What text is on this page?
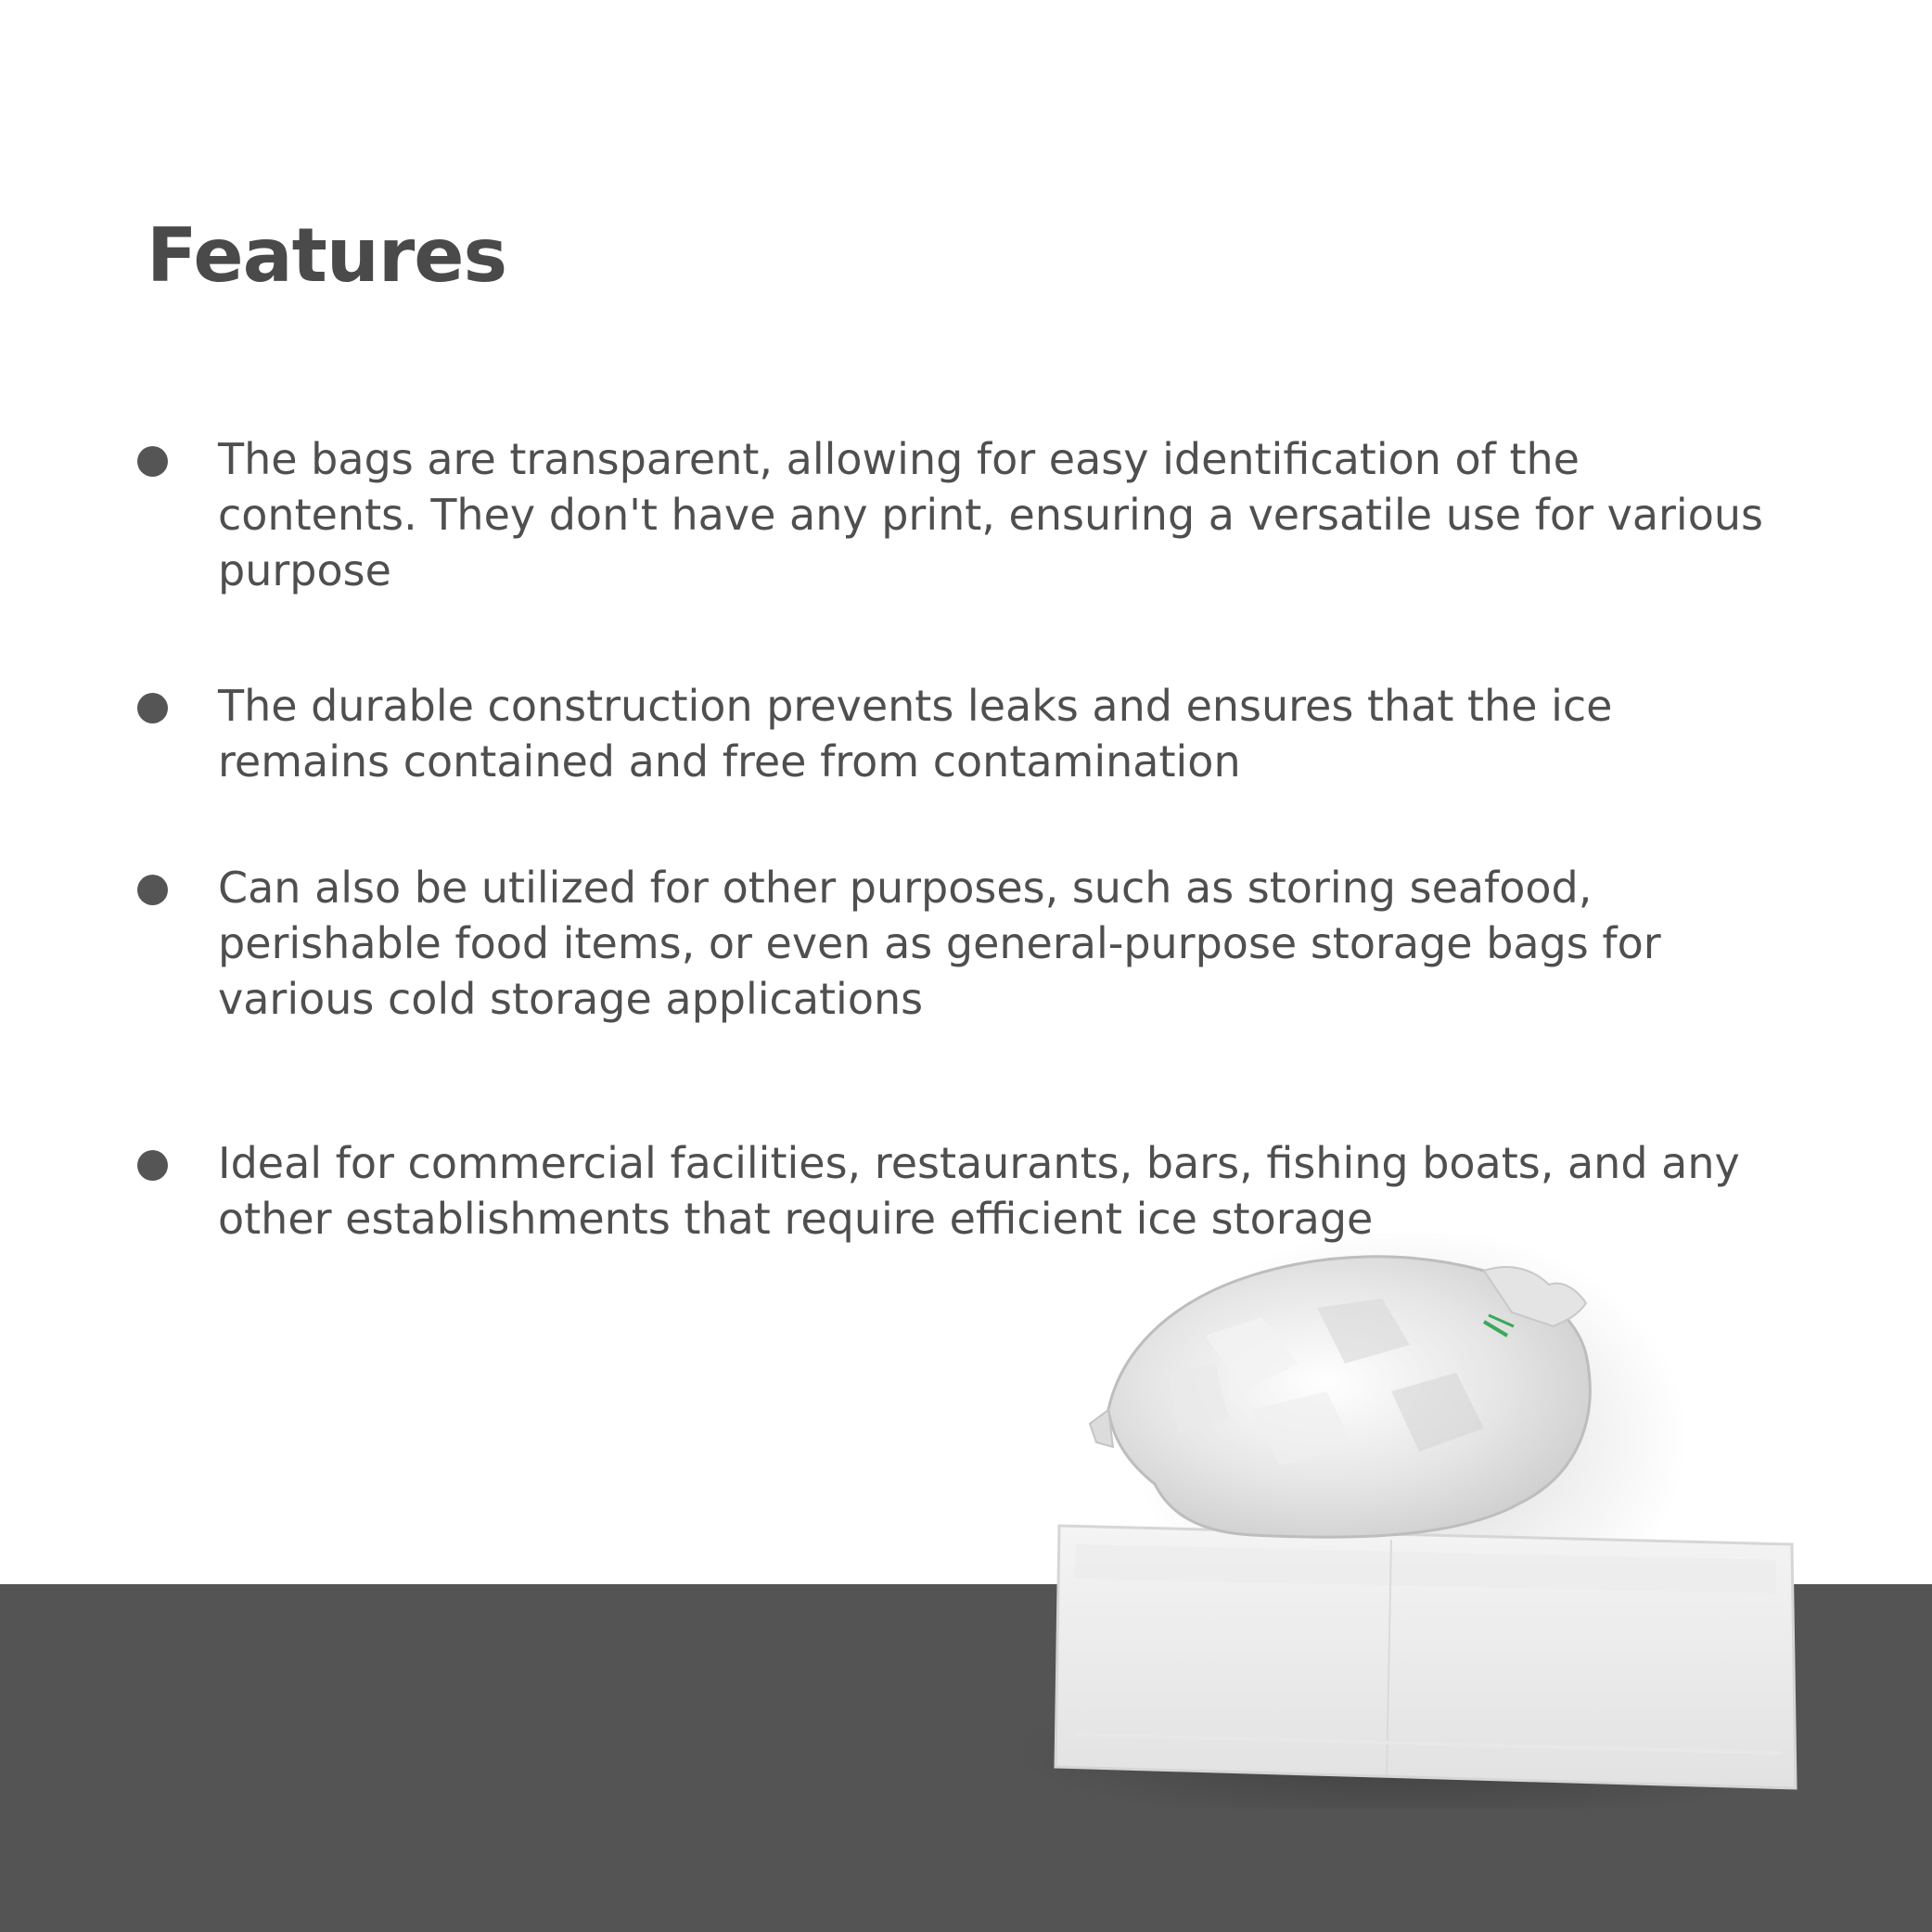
Features
The bags are transparent, allowing for easy identification of the contents. They don't have any print, ensuring a versatile use for various purpose
The durable construction prevents leaks and ensures that the ice remains contained and free from contamination
Can also be utilized for other purposes, such as storing seafood, perishable food items, or even as general-purpose storage bags for various cold storage applications
Ideal for commercial facilities, restaurants, bars, fishing boats, and any other establishments that require efficient ice storage
